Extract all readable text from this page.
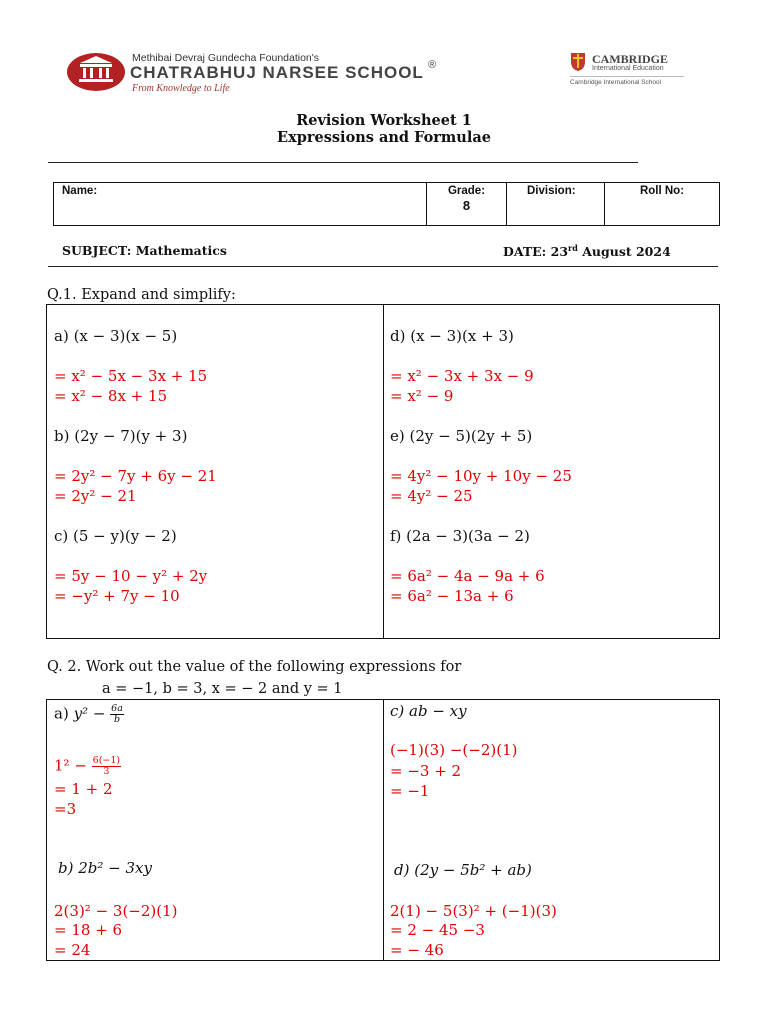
Methibai Devraj Gundecha Foundation's
CHATRABHUJ NARSEE SCHOOL ®
From Knowledge to Life
CAMBRIDGE
International Education
Cambridge International School
Revision Worksheet 1
Expressions and Formulae
Name:	Grade:
8
Division:	Roll No:
SUBJECT: Mathematics	DATE: 23rd August 2024
Q.1. Expand and simplify:
a) (x − 3)(x − 5)
= x² − 5x − 3x + 15
= x² − 8x + 15
b) (2y − 7)(y + 3)
= 2y² − 7y + 6y − 21
= 2y² − 21
c) (5 − y)(y − 2)
= 5y − 10 − y² + 2y
= −y² + 7y − 10
d) (x − 3)(x + 3)
= x² − 3x + 3x − 9
= x² − 9
e) (2y − 5)(2y + 5)
= 4y² − 10y + 10y − 25
= 4y² − 25
f) (2a − 3)(3a − 2)
= 6a² − 4a − 9a + 6
= 6a² − 13a + 6
Q. 2. Work out the value of the following expressions for
a = −1, b = 3, x = − 2 and y = 1
a) $y^2 - \frac{6a}{b}$
$1^2 - \frac{6(-1)}{3}$
= 1 + 2
=3
b) 2b² − 3xy
2(3)² − 3(−2)(1)
= 18 + 6
= 24
c) ab − xy
(−1)(3) −(−2)(1)
= −3 + 2
= −1
d) (2y − 5b² + ab)
2(1) − 5(3)² + (−1)(3)
= 2 − 45 −3
= − 46
